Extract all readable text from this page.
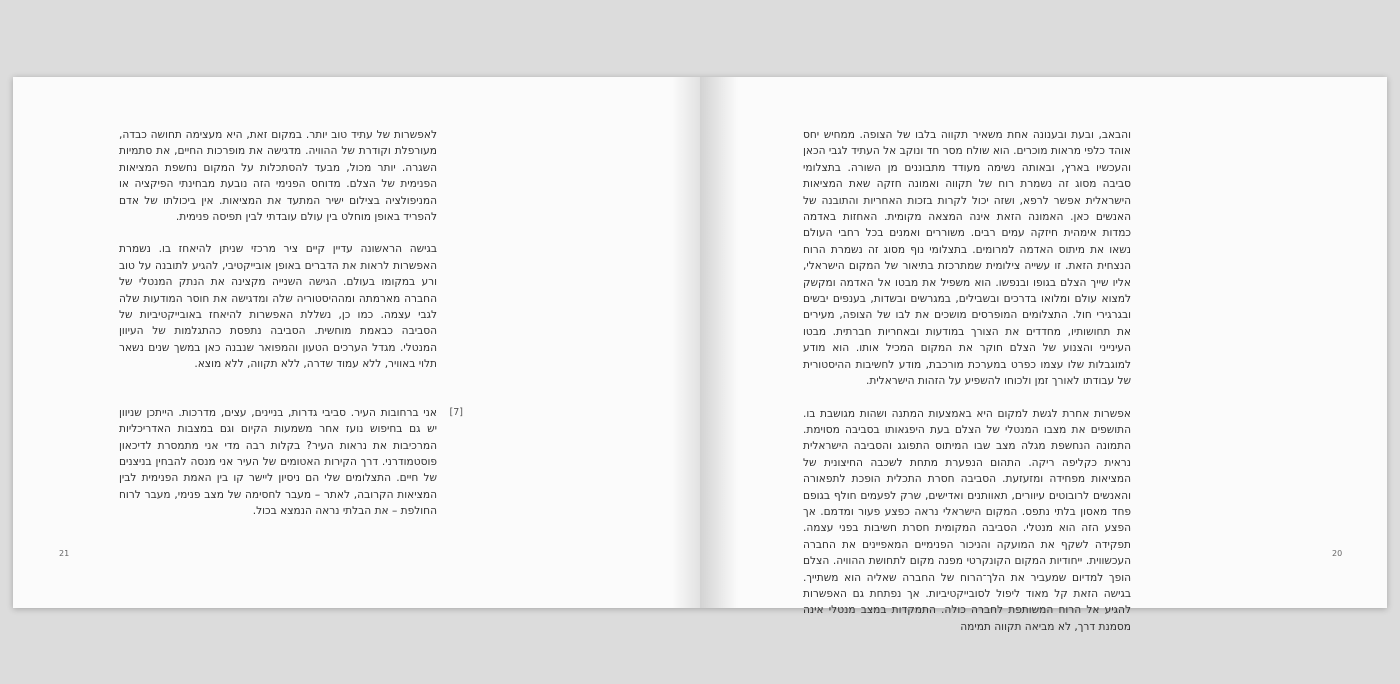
לאפשרות של עתיד טוב יותר. במקום זאת, היא מעצימה תחושה כבדה, מעורפלת וקודרת של ההוויה. מדגישה את מופרכות החיים, את סתמיות השגרה. יותר מכול, מבעד להסתכלות על המקום נחשפת המציאות הפנימית של הצלם. מדוחס הפנימי הזה נובעת מבחינתי הפיקציה או המניפולציה בצילום ישיר המתעד את המציאות. אין ביכולתו של אדם להפריד באופן מוחלט בין עולם עובדתי לבין תפיסה פנימית.

בגישה הראשונה עדיין קיים ציר מרכזי שניתן להיאחז בו. נשמרת האפשרות לראות את הדברים באופן אובייקטיבי, להגיע לתובנה על טוב ורע במקומו בעולם. הגישה השנייה מקצינה את הנתק המנטלי של החברה מארמתה ומההיסטוריה שלה ומדגישה את חוסר המודעות שלה לגבי עצמה. כמו כן, נשללת האפשרות להיאחז באובייקטיביות של הסביבה כבאמת מוחשית. הסביבה נתפסת כהתגלמות של העיוון המנטלי. מגדל הערכים הטעון והמפואר שנבנה כאן במשך שנים נשאר תלוי באוויר, ללא עמוד שדרה, ללא תקווה, ללא מוצא.

[7]

אני ברחובות העיר. סביבי גדרות, בניינים, עצים, מדרכות. הייתכן שניוון יש גם בחיפוש נועז אחר משמעות הקיום וגם במצבות האדריכליות המרכיבות את נראות העיר? בקלות רבה מדי אני מתמסרת לדיכאון פוסטמודרני. דרך הקירות האטומים של העיר אני מנסה להבחין בניצנים של חיים. התצלומים שלי הם ניסיון ליישר קו בין האמת הפנימית לבין המציאות הקרובה, לאתר – מעבר לחסימה של מצב פנימי, מעבר לרוח החולפת – את הבלתי נראה הנמצא בכול.

21

והבאב, ובעת ובענונה אחת משאיר תקווה בלבו של הצופה. ממחיש יחס אוהד כלפי מראות מוכרים. הוא שולח מסר חד ונוקב אל העתיד לגבי הכאן והעכשיו בארץ, ובאותה נשימה מעודד מתבוננים מן השורה. בתצלומי סביבה מסוג זה נשמרת רוח של תקווה ואמונה חזקה שאת המציאות הישראלית אפשר לרפא, ושזה יכול לקרות בזכות האחריות והתובנה של האנשים כאן. האמונה הזאת אינה המצאה מקומית. האחזות באדמה כמדות אימהית חיזקה עמים רבים. משוררים ואמנים בכל רחבי העולם נשאו את מיתוס האדמה למרומים. בתצלומי נוף מסוג זה נשמרת הרוח הנצחית הזאת. זו עשייה צילומית שמתרכזת בתיאור של המקום הישראלי, אליו שייך הצלם בגופו ובנפשו. הוא משפיל את מבטו אל האדמה ומקשק למצוא עולם ומלואו בדרכים ובשבילים, במגרשים ובשדות, בענפים יבשים ובגרגירי חול. התצלומים המופרסים מושכים את לבו של הצופה, מעירים את תחושותיו, מחדדים את הצורך במודעות ובאחריות חברתית. מבטו העינייני והצנוע של הצלם חוקר את המקום המכיל אותו. הוא מודע למוגבלות שלו עצמו כפרט במערכת מורכבת, מודע לחשיבות ההיסטורית של עבודתו לאורך זמן ולכוחו להשפיע על הזהות הישראלית.

אפשרות אחרת לגשת למקום היא באמצעות המתנה ושהות מגושבת בו. התושפים את מצבו המנטלי של הצלם בעת היפגאותו בסביבה מסוימת. התמונה הנחשפת מגלה מצב שבו המיתוס התפוגג והסביבה הישראלית נראית כקליפה ריקה. התהום הנפערת מתחת לשכבה החיצונית של המציאות מפחידה ומזעזעת. הסביבה חסרת התכלית הופכת לתפאורה והאנשים לרובוטים עיוורים, תאוותנים ואדישים, שרק לפעמים חולף בגופם פחד מאסון בלתי נתפס. המקום הישראלי נראה כפצע פעור ומדמם. אך הפצע הזה הוא מנטלי. הסביבה המקומית חסרת חשיבות בפני עצמה. תפקידה לשקף את המועקה והניכור הפנימיים המאפיינים את החברה העכשווית. ייחודיות המקום הקונקרטי מפנה מקום לתחושת ההוויה. הצלם הופך למדיום שמעביר את הלך־הרוח של החברה שאליה הוא משתייך. בגישה הזאת קל מאוד ליפול לסובייקטיביות. אך נפתחת גם האפשרות להגיע אל הרוח המשותפת לחברה כולה. התמקדות במצב מנטלי אינה מסמנת דרך, לא מביאה תקווה תמימה

20
